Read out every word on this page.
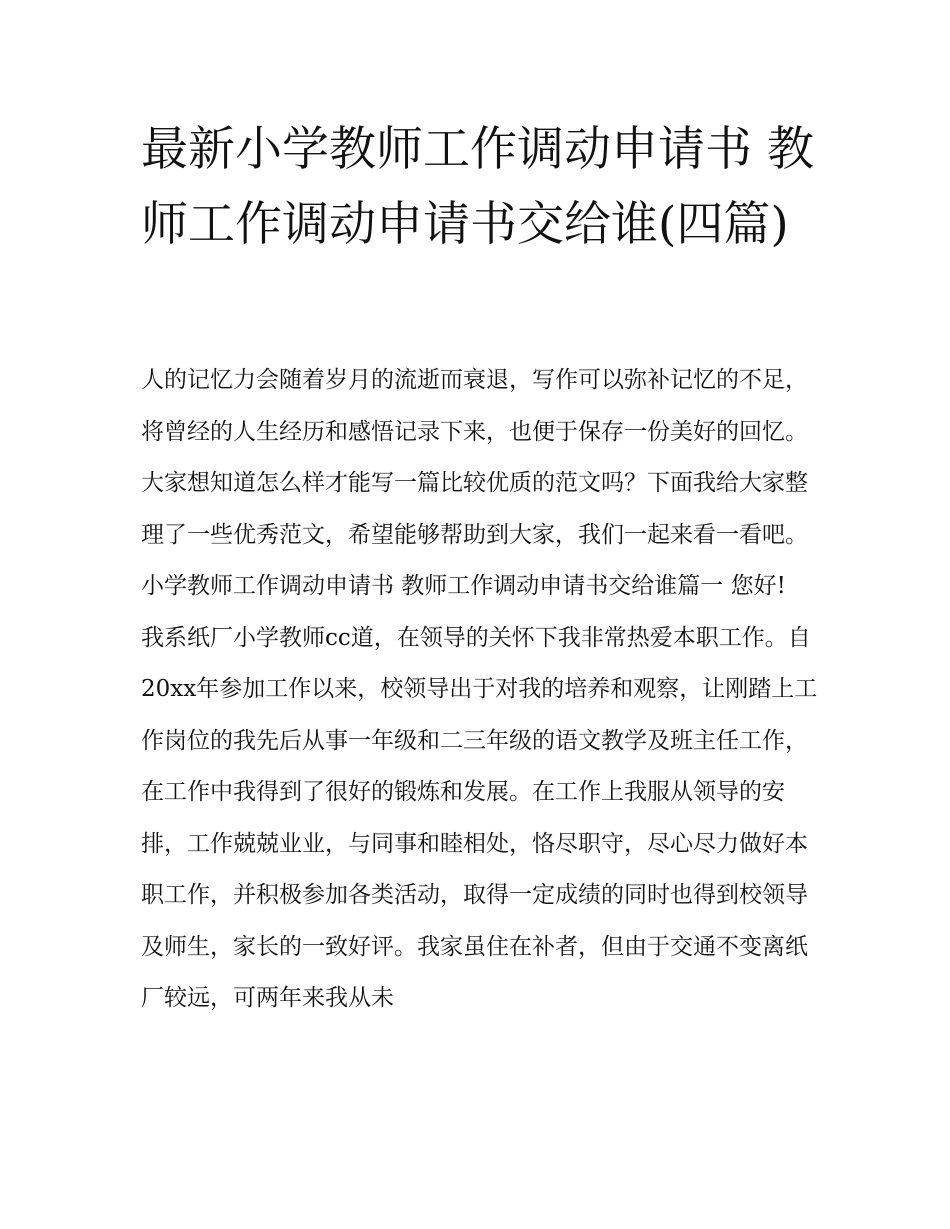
最新小学教师工作调动申请书 教师工作调动申请书交给谁(四篇)

人的记忆力会随着岁月的流逝而衰退，写作可以弥补记忆的不足，将曾经的人生经历和感悟记录下来，也便于保存一份美好的回忆。大家想知道怎么样才能写一篇比较优质的范文吗？下面我给大家整理了一些优秀范文，希望能够帮助到大家，我们一起来看一看吧。

小学教师工作调动申请书 教师工作调动申请书交给谁篇一 您好!

我系纸厂小学教师cc道，在领导的关怀下我非常热爱本职工作。自20xx年参加工作以来，校领导出于对我的培养和观察，让刚踏上工作岗位的我先后从事一年级和二三年级的语文教学及班主任工作，在工作中我得到了很好的锻炼和发展。在工作上我服从领导的安排，工作兢兢业业，与同事和睦相处，恪尽职守，尽心尽力做好本职工作，并积极参加各类活动，取得一定成绩的同时也得到校领导及师生，家长的一致好评。我家虽住在补者，但由于交通不变离纸厂较远，可两年来我从未
